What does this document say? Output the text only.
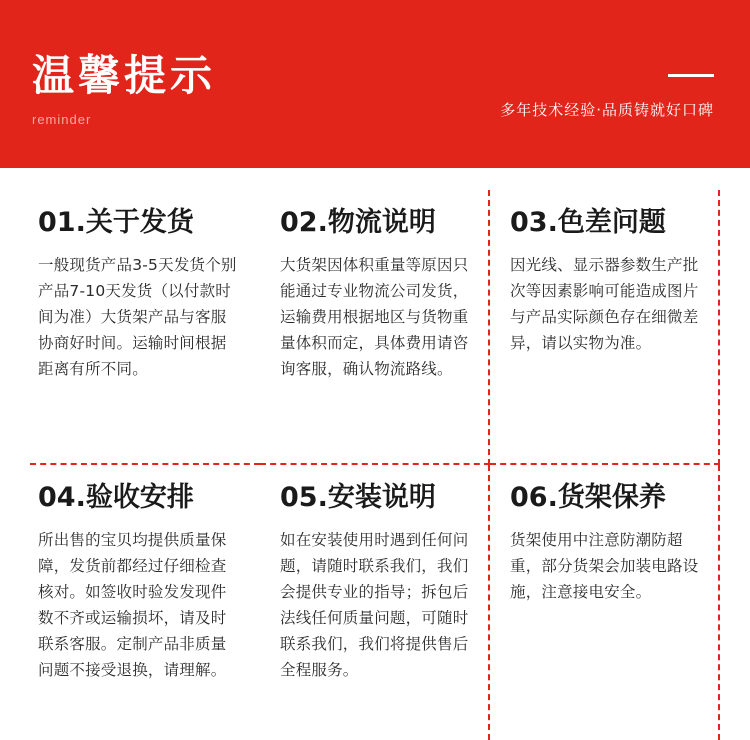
温馨提示
reminder
多年技术经验·品质铸就好口碑
01.关于发货
一般现货产品3-5天发货个别产品7-10天发货（以付款时间为准）大货架产品与客服协商好时间。运输时间根据距离有所不同。
02.物流说明
大货架因体积重量等原因只能通过专业物流公司发货，运输费用根据地区与货物重量体积而定，具体费用请咨询客服，确认物流路线。
03.色差问题
因光线、显示器参数生产批次等因素影响可能造成图片与产品实际颜色存在细微差异，请以实物为准。
04.验收安排
所出售的宝贝均提供质量保障，发货前都经过仔细检查核对。如签收时验发发现件数不齐或运输损坏，请及时联系客服。定制产品非质量问题不接受退换，请理解。
05.安装说明
如在安装使用时遇到任何问题，请随时联系我们，我们会提供专业的指导；拆包后法线任何质量问题，可随时联系我们，我们将提供售后全程服务。
06.货架保养
货架使用中注意防潮防超重，部分货架会加装电路设施，注意接电安全。
